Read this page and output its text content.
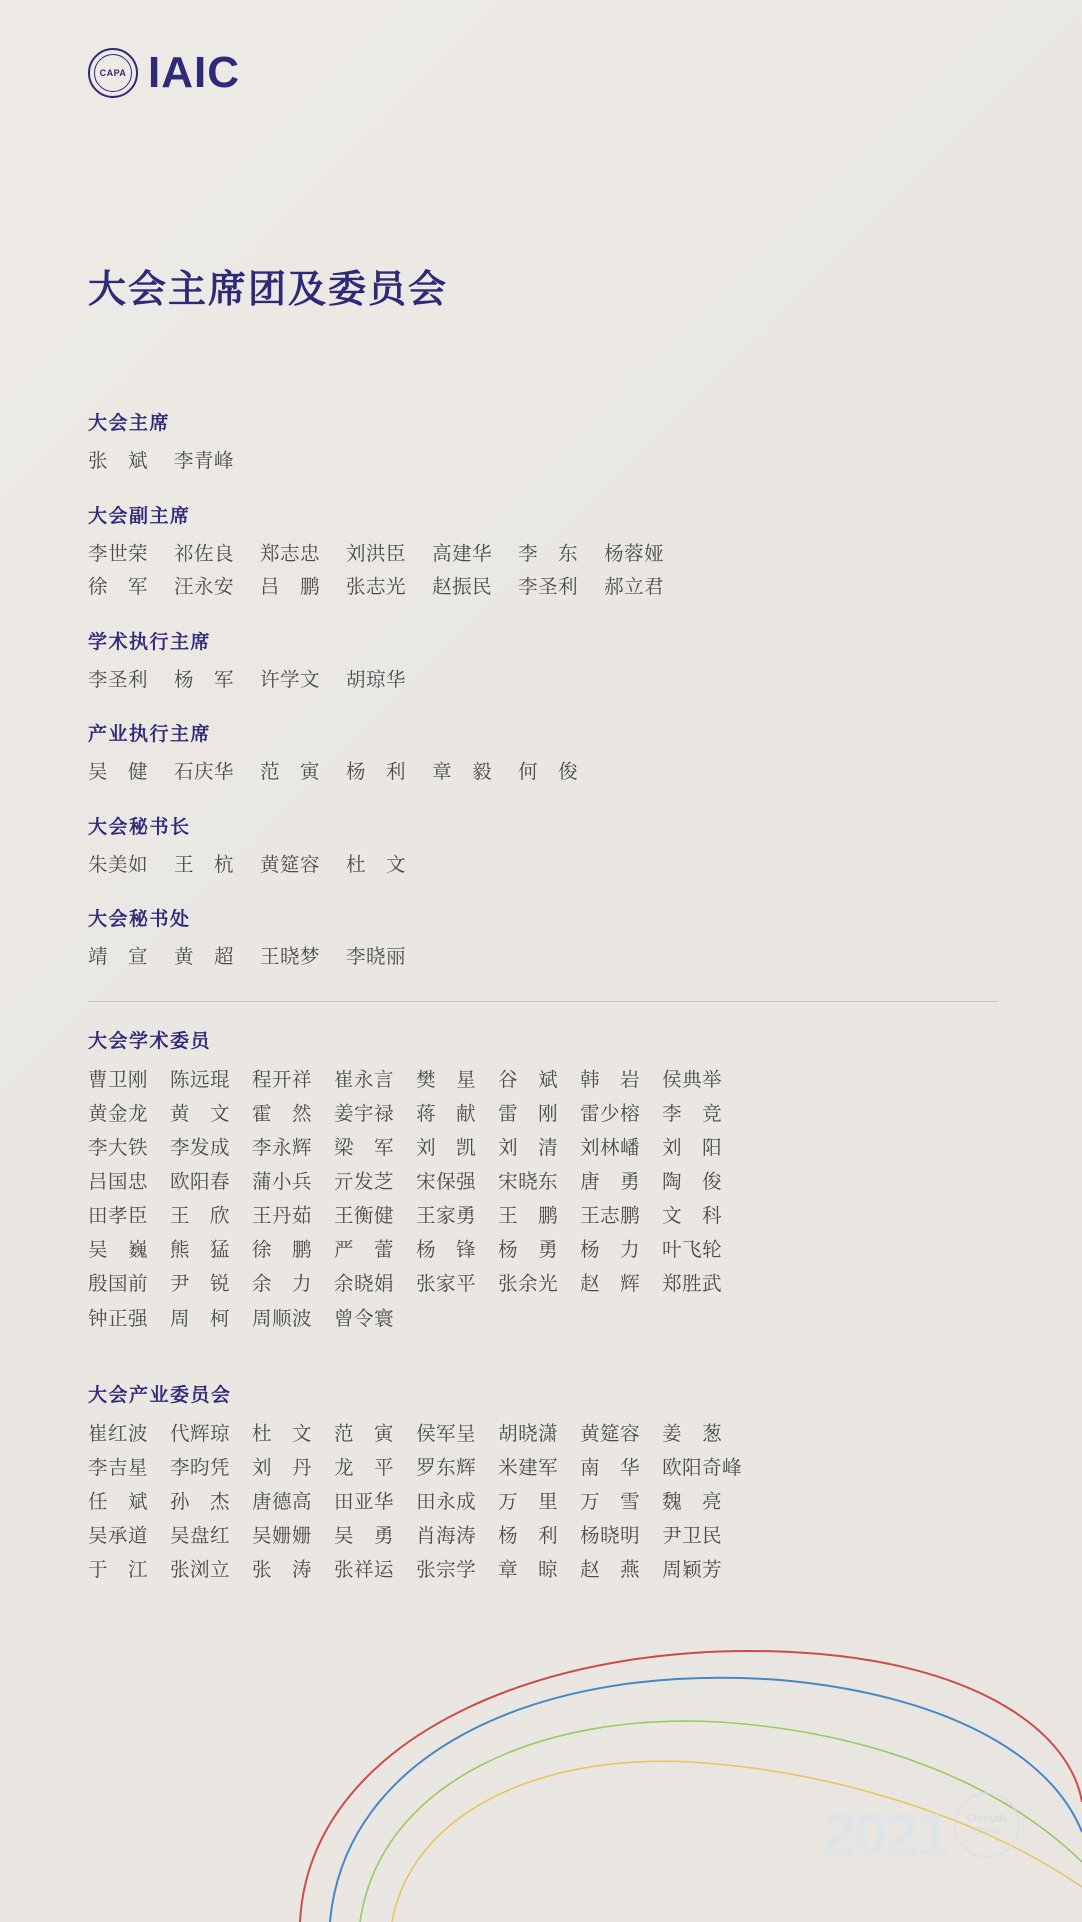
CAPA IAIC
大会主席团及委员会
大会主席
张　斌 李青峰
大会副主席
李世荣 祁佐良 郑志忠 刘洪臣 高建华 李　东 杨蓉娅
徐　军 汪永安 吕　鹏 张志光 赵振民 李圣利 郝立君
学术执行主席
李圣利 杨　军 许学文 胡琼华
产业执行主席
吴　健 石庆华 范　寅 杨　利 章　毅 何　俊
大会秘书长
朱美如 王　杭 黄筵容 杜　文
大会秘书处
靖　宣 黄　超 王晓梦 李晓丽
大会学术委员
曹卫刚 陈远琨 程开祥 崔永言 樊　星 谷　斌 韩　岩 侯典举
黄金龙 黄　文 霍　然 姜宇禄 蒋　献 雷　刚 雷少榕 李　竞
李大铁 李发成 李永辉 梁　军 刘　凯 刘　清 刘林嶓 刘　阳
吕国忠 欧阳春 蒲小兵 亓发芝 宋保强 宋晓东 唐　勇 陶　俊
田孝臣 王　欣 王丹茹 王衡健 王家勇 王　鹏 王志鹏 文　科
吴　巍 熊　猛 徐　鹏 严　蕾 杨　锋 杨　勇 杨　力 叶飞轮
殷国前 尹　锐 余　力 余晓娟 张家平 张余光 赵　辉 郑胜武
钟正强 周　柯 周顺波 曾令寰
大会产业委员会
崔红波 代辉琼 杜　文 范　寅 侯军呈 胡晓潇 黄筵容 姜　葱
李吉星 李昀凭 刘　丹 龙　平 罗东辉 米建军 南　华 欧阳奇峰
任　斌 孙　杰 唐德高 田亚华 田永成 万　里 万　雪 魏　亮
吴承道 吴盘红 吴姗姗 吴　勇 肖海涛 杨　利 杨晓明 尹卫民
于　江 张浏立 张　涛 张祥运 张宗学 章　晾 赵　燕 周颖芳
2021 Chengdu
China
